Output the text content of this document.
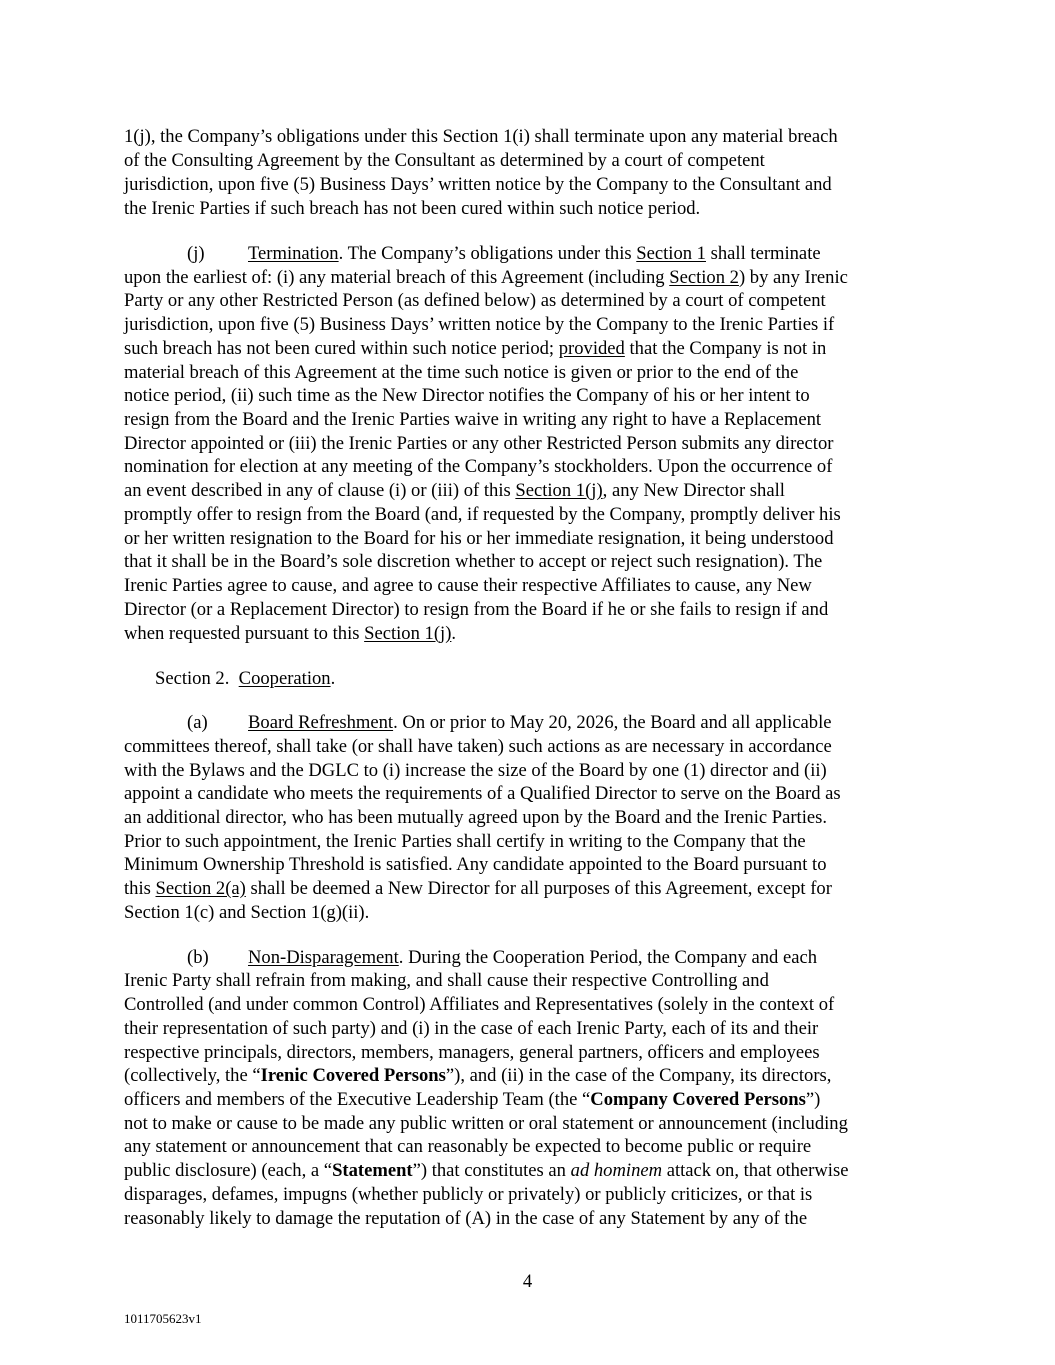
1(j), the Company’s obligations under this Section 1(i) shall terminate upon any material breach
of the Consulting Agreement by the Consultant as determined by a court of competent
jurisdiction, upon five (5) Business Days’ written notice by the Company to the Consultant and
the Irenic Parties if such breach has not been cured within such notice period.
(j) Termination. The Company’s obligations under this Section 1 shall terminate
upon the earliest of: (i) any material breach of this Agreement (including Section 2) by any Irenic
Party or any other Restricted Person (as defined below) as determined by a court of competent
jurisdiction, upon five (5) Business Days’ written notice by the Company to the Irenic Parties if
such breach has not been cured within such notice period; provided that the Company is not in
material breach of this Agreement at the time such notice is given or prior to the end of the
notice period, (ii) such time as the New Director notifies the Company of his or her intent to
resign from the Board and the Irenic Parties waive in writing any right to have a Replacement
Director appointed or (iii) the Irenic Parties or any other Restricted Person submits any director
nomination for election at any meeting of the Company’s stockholders. Upon the occurrence of
an event described in any of clause (i) or (iii) of this Section 1(j), any New Director shall
promptly offer to resign from the Board (and, if requested by the Company, promptly deliver his
or her written resignation to the Board for his or her immediate resignation, it being understood
that it shall be in the Board’s sole discretion whether to accept or reject such resignation). The
Irenic Parties agree to cause, and agree to cause their respective Affiliates to cause, any New
Director (or a Replacement Director) to resign from the Board if he or she fails to resign if and
when requested pursuant to this Section 1(j).
Section 2.  Cooperation.
(a) Board Refreshment. On or prior to May 20, 2026, the Board and all applicable
committees thereof, shall take (or shall have taken) such actions as are necessary in accordance
with the Bylaws and the DGLC to (i) increase the size of the Board by one (1) director and (ii)
appoint a candidate who meets the requirements of a Qualified Director to serve on the Board as
an additional director, who has been mutually agreed upon by the Board and the Irenic Parties.
Prior to such appointment, the Irenic Parties shall certify in writing to the Company that the
Minimum Ownership Threshold is satisfied. Any candidate appointed to the Board pursuant to
this Section 2(a) shall be deemed a New Director for all purposes of this Agreement, except for
Section 1(c) and Section 1(g)(ii).
(b) Non-Disparagement. During the Cooperation Period, the Company and each
Irenic Party shall refrain from making, and shall cause their respective Controlling and
Controlled (and under common Control) Affiliates and Representatives (solely in the context of
their representation of such party) and (i) in the case of each Irenic Party, each of its and their
respective principals, directors, members, managers, general partners, officers and employees
(collectively, the “Irenic Covered Persons”), and (ii) in the case of the Company, its directors,
officers and members of the Executive Leadership Team (the “Company Covered Persons”)
not to make or cause to be made any public written or oral statement or announcement (including
any statement or announcement that can reasonably be expected to become public or require
public disclosure) (each, a “Statement”) that constitutes an ad hominem attack on, that otherwise
disparages, defames, impugns (whether publicly or privately) or publicly criticizes, or that is
reasonably likely to damage the reputation of (A) in the case of any Statement by any of the
4
1011705623v1
